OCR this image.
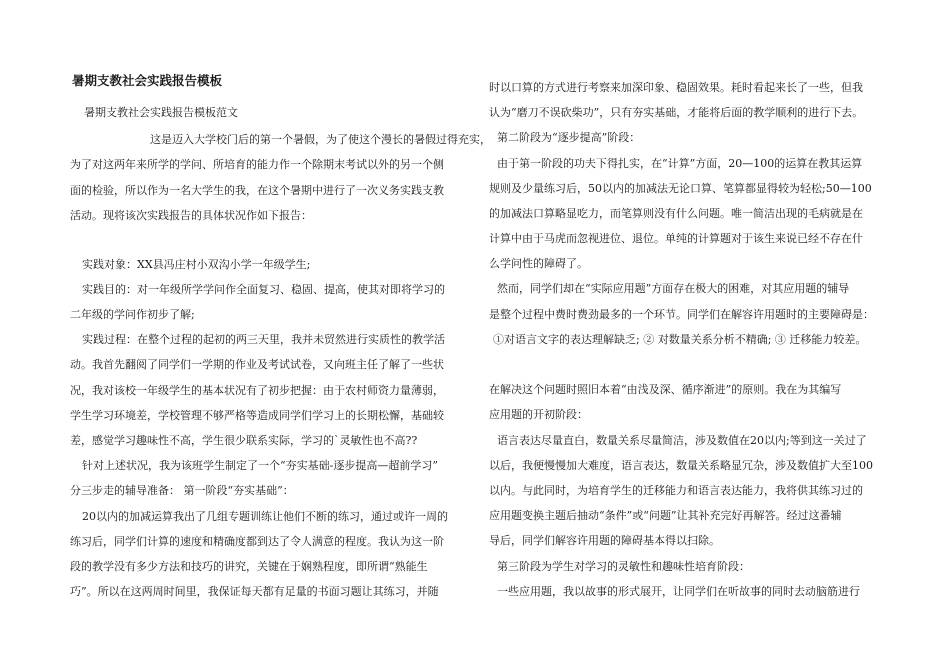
暑期支教社会实践报告模板
暑期支教社会实践报告模板范文
这是迈入大学校门后的第一个暑假，为了使这个漫长的暑假过得充实，
为了对这两年来所学的学问、所培育的能力作一个除期末考试以外的另一个侧
面的检验，所以作为一名大学生的我，在这个暑期中进行了一次义务实践支教
活动。现将该次实践报告的具体状况作如下报告：
实践对象：XX县冯庄村小双沟小学一年级学生;
实践目的：对一年级所学学问作全面复习、稳固、提高，使其对即将学习的
二年级的学问作初步了解;
实践过程：在整个过程的起初的两三天里，我并未贸然进行实质性的教学活
动。我首先翻阅了同学们一学期的作业及考试试卷，又向班主任了解了一些状
况，我对该校一年级学生的基本状况有了初步把握：由于农村师资力量薄弱，
学生学习环境差，学校管理不够严格等造成同学们学习上的长期松懈，基础较
差，感觉学习趣味性不高，学生很少联系实际，学习的`灵敏性也不高??
针对上述状况，我为该班学生制定了一个“夯实基础-逐步提高—超前学习”
分三步走的辅导准备： 第一阶段“夯实基础”：
20以内的加减运算我出了几组专题训练让他们不断的练习，通过或许一周的
练习后，同学们计算的速度和精确度都到达了令人满意的程度。我认为这一阶
段的教学没有多少方法和技巧的讲究，关键在于娴熟程度，即所谓“熟能生
巧”。所以在这两周时间里，我保证每天都有足量的书面习题让其练习，并随
时以口算的方式进行考察来加深印象、稳固效果。耗时看起来长了一些，但我
认为“磨刀不误砍柴功”，只有夯实基础，才能将后面的教学顺利的进行下去。
第二阶段为“逐步提高”阶段：
由于第一阶段的功夫下得扎实，在“计算”方面，20—100的运算在教其运算
规则及少量练习后，50以内的加减法无论口算、笔算都显得较为轻松;50—100
的加减法口算略显吃力，而笔算则没有什么问题。唯一简洁出现的毛病就是在
计算中由于马虎而忽视进位、退位。单纯的计算题对于该生来说已经不存在什
么学问性的障碍了。
然而，同学们却在“实际应用题”方面存在极大的困难，对其应用题的辅导
是整个过程中费时费劲最多的一个环节。同学们在解容许用题时的主要障碍是：
①对语言文字的表达理解缺乏; ② 对数量关系分析不精确; ③ 迁移能力较差。
在解决这个问题时照旧本着“由浅及深、循序渐进”的原则。我在为其编写
应用题的开初阶段：
语言表达尽量直白，数量关系尽量简洁，涉及数值在20以内;等到这一关过了
以后，我便慢慢加大难度，语言表达，数量关系略显冗杂，涉及数值扩大至100
以内。与此同时，为培育学生的迁移能力和语言表达能力，我将供其练习过的
应用题变换主题后抽动“条件”或“问题”让其补充完好再解答。经过这番辅
导后，同学们解容许用题的障碍基本得以扫除。
第三阶段为学生对学习的灵敏性和趣味性培育阶段：
一些应用题，我以故事的形式展开，让同学们在听故事的同时去动脑筋进行
